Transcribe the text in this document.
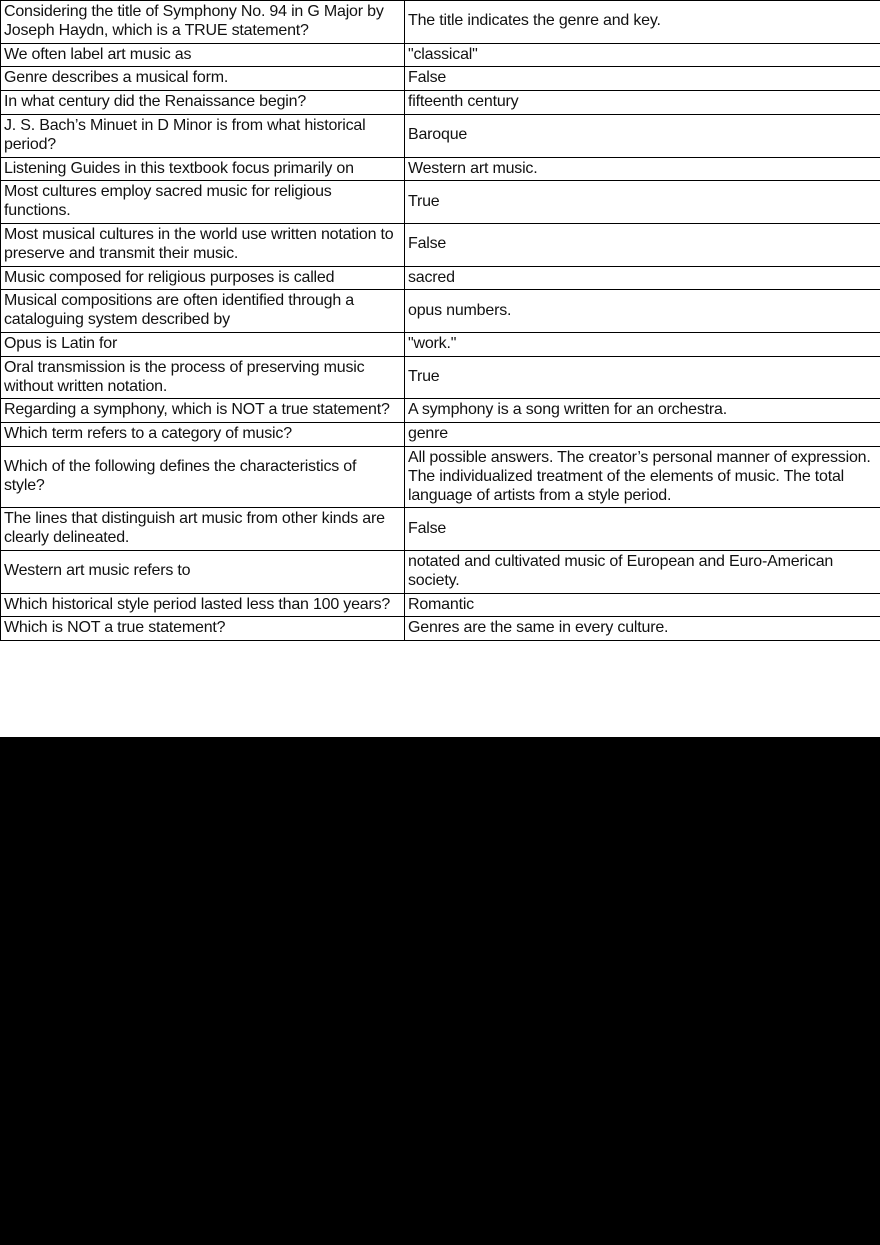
Considering the title of Symphony No. 94 in G Major by Joseph Haydn, which is a TRUE statement?	The title indicates the genre and key.
We often label art music as	"classical"
Genre describes a musical form.	False
In what century did the Renaissance begin?	fifteenth century
J. S. Bach’s Minuet in D Minor is from what historical period?	Baroque
Listening Guides in this textbook focus primarily on	Western art music.
Most cultures employ sacred music for religious functions.	True
Most musical cultures in the world use written notation to preserve and transmit their music.	False
Music composed for religious purposes is called	sacred
Musical compositions are often identified through a cataloguing system described by	opus numbers.
Opus is Latin for	"work."
Oral transmission is the process of preserving music without written notation.	True
Regarding a symphony, which is NOT a true statement?	A symphony is a song written for an orchestra.
Which term refers to a category of music?	genre
Which of the following defines the characteristics of style?	All possible answers. The creator’s personal manner of expression. The individualized treatment of the elements of music. The total language of artists from a style period.
The lines that distinguish art music from other kinds are clearly delineated.	False
Western art music refers to	notated and cultivated music of European and Euro-American society.
Which historical style period lasted less than 100 years?	Romantic
Which is NOT a true statement?	Genres are the same in every culture.
